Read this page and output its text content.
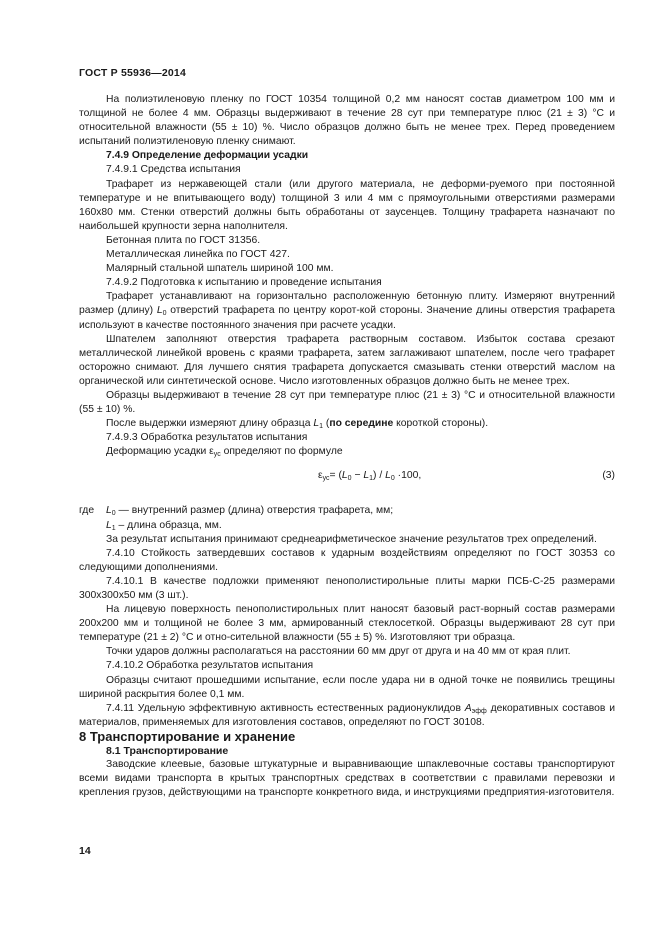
ГОСТ Р 55936—2014

На полиэтиленовую пленку по ГОСТ 10354 толщиной 0,2 мм наносят состав диаметром 100 мм и толщиной не более 4 мм. Образцы выдерживают в течение 28 сут при температуре плюс (21 ± 3) °С и относительной влажности (55 ± 10) %. Число образцов должно быть не менее трех. Перед проведением испытаний полиэтиленовую пленку снимают.

7.4.9 Определение деформации усадки

7.4.9.1 Средства испытания

Трафарет из нержавеющей стали (или другого материала, не деформи-руемого при постоянной температуре и не впитывающего воду) толщиной 3 или 4 мм с прямоугольными отверстиями размерами 160х80 мм. Стенки отверстий должны быть обработаны от заусенцев. Толщину трафарета назначают по наибольшей крупности зерна наполнителя.

Бетонная плита по ГОСТ 31356.

Металлическая линейка по ГОСТ 427.

Малярный стальной шпатель шириной 100 мм.

7.4.9.2 Подготовка к испытанию и проведение испытания

Трафарет устанавливают на горизонтально расположенную бетонную плиту. Измеряют внутренний размер (длину) $L_0$ отверстий трафарета по центру корот-кой стороны. Значение длины отверстия трафарета используют в качестве постоянного значения при расчете усадки.

Шпателем заполняют отверстия трафарета растворным составом. Избыток состава срезают металлической линейкой вровень с краями трафарета, затем заглаживают шпателем, после чего трафарет осторожно снимают. Для лучшего снятия трафарета допускается смазывать стенки отверстий маслом на органической или синтетической основе. Число изготовленных образцов должно быть не менее трех.

Образцы выдерживают в течение 28 сут при температуре плюс (21 ± 3) °С и относительной влажности (55 ± 10) %.

После выдержки измеряют длину образца $L_1$ (по середине короткой стороны).

7.4.9.3 Обработка результатов испытания

Деформацию усадки $\varepsilon_{ус}$ определяют по формуле

$\varepsilon_{ус}= (L_0 - L_1) / L_0 \cdot 100$,	(3)
где	$L_0$ — внутренний размер (длина) отверстия трафарета, мм;

$L_1$ – длина образца, мм.

За результат испытания принимают среднеарифметическое значение результатов трех определений.

7.4.10 Стойкость затвердевших составов к ударным воздействиям определяют по ГОСТ 30353 со следующими дополнениями.

7.4.10.1 В качестве подложки применяют пенополистирольные плиты марки ПСБ-С-25 размерами 300х300х50 мм (3 шт.).

На лицевую поверхность пенополистирольных плит наносят базовый раст-ворный состав размерами 200х200 мм и толщиной не более 3 мм, армированный стеклосеткой. Образцы выдерживают 28 сут при температуре (21 ± 2) °С и отно-сительной влажности (55 ± 5) %. Изготовляют три образца.

Точки ударов должны располагаться на расстоянии 60 мм друг от друга и на 40 мм от края плит.

7.4.10.2 Обработка результатов испытания

Образцы считают прошедшими испытание, если после удара ни в одной точке не появились трещины шириной раскрытия более 0,1 мм.

7.4.11 Удельную эффективную активность естественных радионуклидов $A_{эфф}$ декоративных составов и материалов, применяемых для изготовления составов, определяют по ГОСТ 30108.

8 Транспортирование и хранение

8.1 Транспортирование

Заводские клеевые, базовые штукатурные и выравнивающие шпаклевочные составы транспортируют всеми видами транспорта в крытых транспортных средствах в соответствии с правилами перевозки и крепления грузов, действующими на транспорте конкретного вида, и инструкциями предприятия-изготовителя.

14
